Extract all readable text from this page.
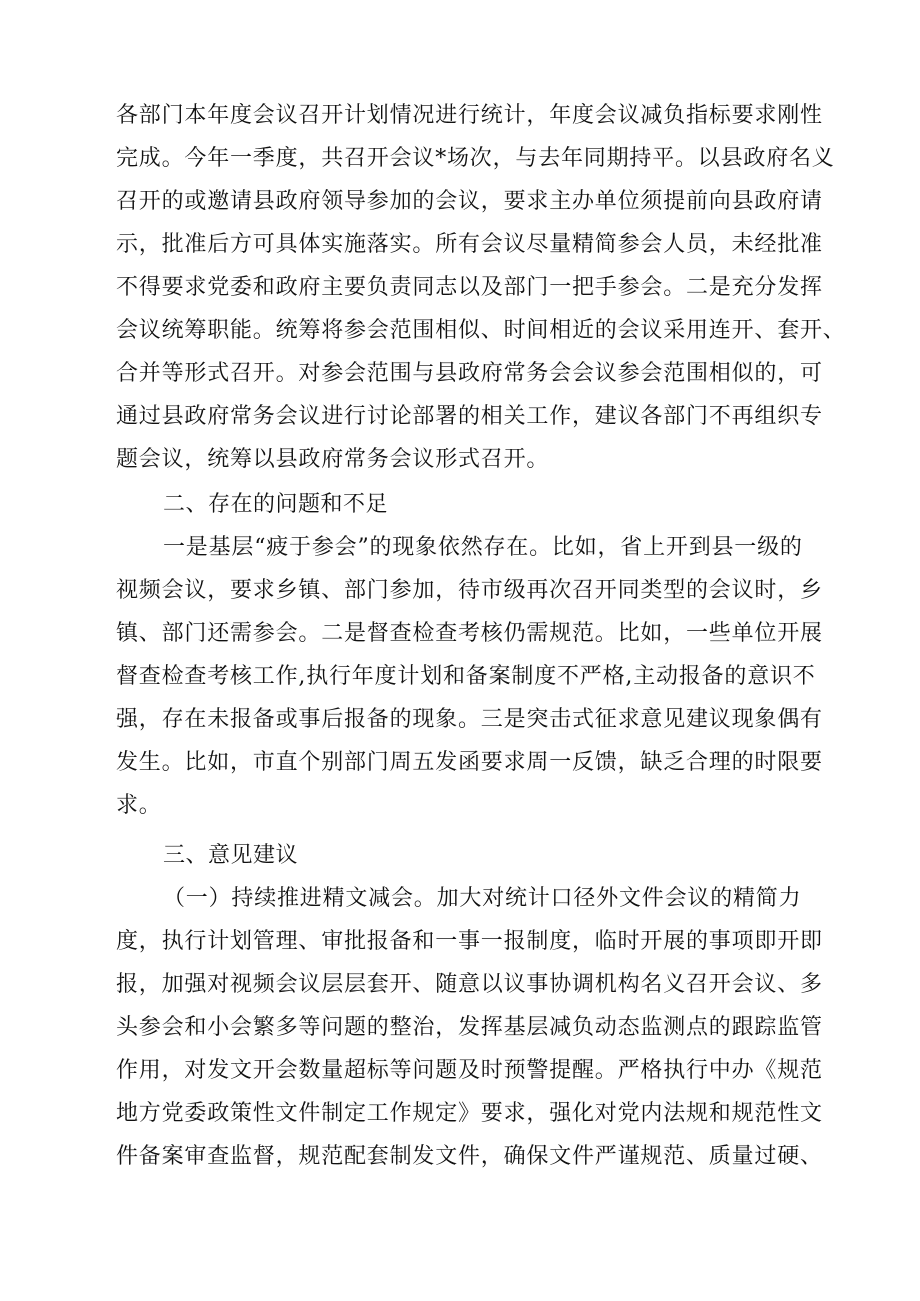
各部门本年度会议召开计划情况进行统计，年度会议减负指标要求刚性
完成。今年一季度，共召开会议*场次，与去年同期持平。以县政府名义
召开的或邀请县政府领导参加的会议，要求主办单位须提前向县政府请
示，批准后方可具体实施落实。所有会议尽量精简参会人员，未经批准
不得要求党委和政府主要负责同志以及部门一把手参会。二是充分发挥
会议统筹职能。统筹将参会范围相似、时间相近的会议采用连开、套开、
合并等形式召开。对参会范围与县政府常务会会议参会范围相似的，可
通过县政府常务会议进行讨论部署的相关工作，建议各部门不再组织专
题会议，统筹以县政府常务会议形式召开。
二、存在的问题和不足
一是基层“疲于参会”的现象依然存在。比如，省上开到县一级的
视频会议，要求乡镇、部门参加，待市级再次召开同类型的会议时，乡
镇、部门还需参会。二是督查检查考核仍需规范。比如，一些单位开展
督查检查考核工作,执行年度计划和备案制度不严格,主动报备的意识不
强，存在未报备或事后报备的现象。三是突击式征求意见建议现象偶有
发生。比如，市直个别部门周五发函要求周一反馈，缺乏合理的时限要
求。
三、意见建议
（一）持续推进精文减会。加大对统计口径外文件会议的精简力
度，执行计划管理、审批报备和一事一报制度，临时开展的事项即开即
报，加强对视频会议层层套开、随意以议事协调机构名义召开会议、多
头参会和小会繁多等问题的整治，发挥基层减负动态监测点的跟踪监管
作用，对发文开会数量超标等问题及时预警提醒。严格执行中办《规范
地方党委政策性文件制定工作规定》要求，强化对党内法规和规范性文
件备案审查监督，规范配套制发文件，确保文件严谨规范、质量过硬、
